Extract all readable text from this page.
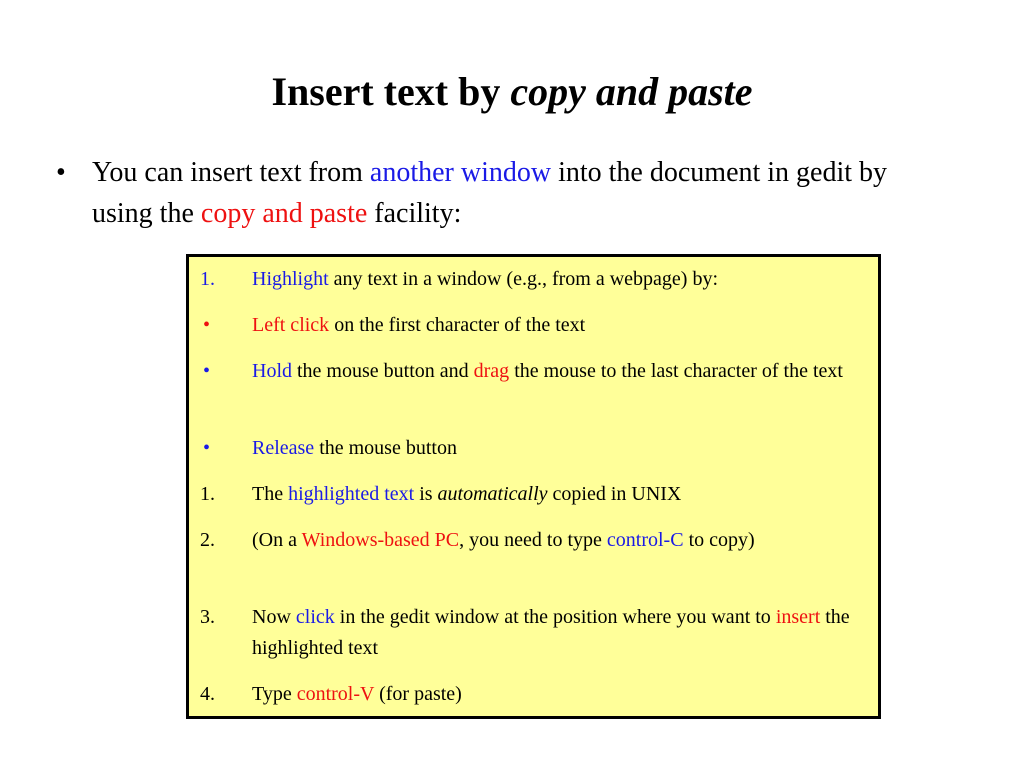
Insert text by copy and paste
• You can insert text from another window into the document in gedit by using the copy and paste facility:
1.	Highlight any text in a window (e.g., from a webpage) by:
•	Left click on the first character of the text
•	Hold the mouse button and drag the mouse to the last character of the text
•	Release the mouse button
1.	The highlighted text is automatically copied in UNIX
2.	(On a Windows-based PC, you need to type control-C to copy)
3.	Now click in the gedit window at the position where you want to insert the highlighted text
4.	Type control-V (for paste)
